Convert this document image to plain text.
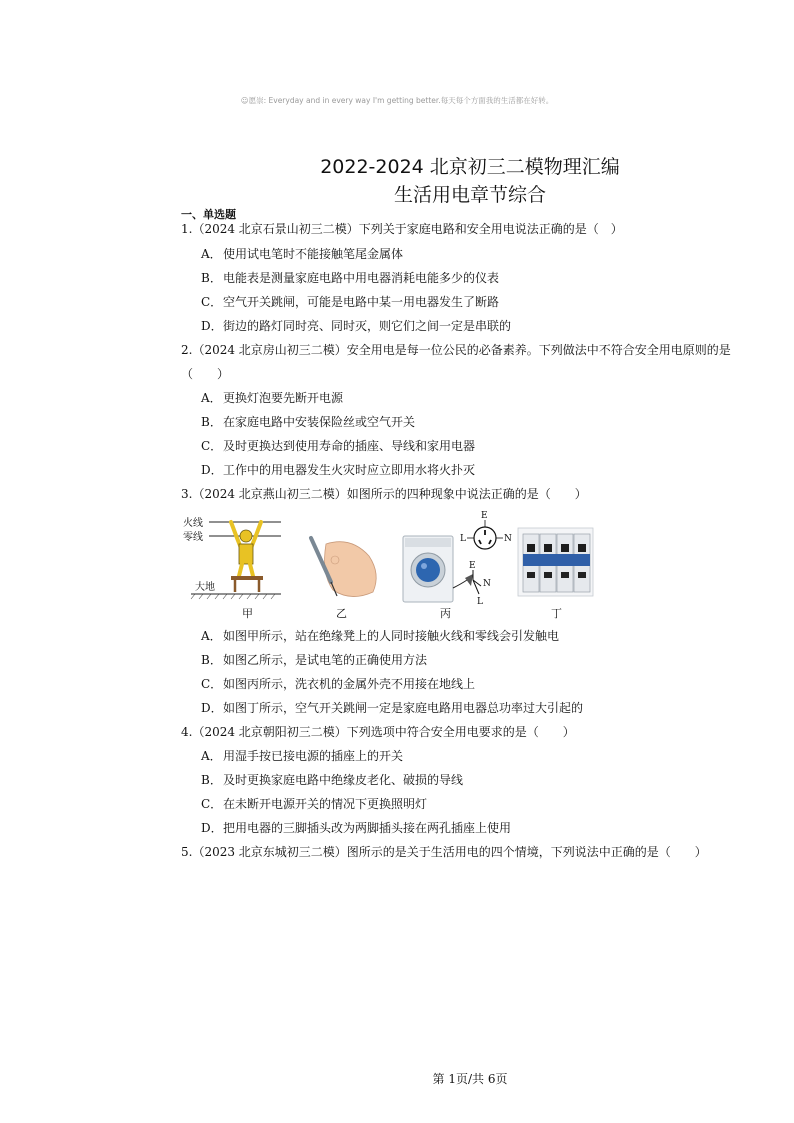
☺愿崇: Everyday and in every way I'm getting better.每天每个方面我的生活都在好转。
2022-2024 北京初三二模物理汇编
生活用电章节综合
一、单选题
1.（2024 北京石景山初三二模）下列关于家庭电路和安全用电说法正确的是（　）
A．使用试电笔时不能接触笔尾金属体
B．电能表是测量家庭电路中用电器消耗电能多少的仪表
C．空气开关跳闸，可能是电路中某一用电器发生了断路
D．街边的路灯同时亮、同时灭，则它们之间一定是串联的
2.（2024 北京房山初三二模）安全用电是每一位公民的必备素养。下列做法中不符合安全用电原则的是
（　　）
A．更换灯泡要先断开电源
B．在家庭电路中安装保险丝或空气开关
C．及时更换达到使用寿命的插座、导线和家用电器
D．工作中的用电器发生火灾时应立即用水将火扑灭
3.（2024 北京燕山初三二模）如图所示的四种现象中说法正确的是（　　）
火线
零线
大地
E
L	N
E
N
L
甲	乙	丙	丁
A．如图甲所示，站在绝缘凳上的人同时接触火线和零线会引发触电
B．如图乙所示，是试电笔的正确使用方法
C．如图丙所示，洗衣机的金属外壳不用接在地线上
D．如图丁所示，空气开关跳闸一定是家庭电路用电器总功率过大引起的
4.（2024 北京朝阳初三二模）下列选项中符合安全用电要求的是（　　）
A．用湿手按已接电源的插座上的开关
B．及时更换家庭电路中绝缘皮老化、破损的导线
C．在未断开电源开关的情况下更换照明灯
D．把用电器的三脚插头改为两脚插头接在两孔插座上使用
5.（2023 北京东城初三二模）图所示的是关于生活用电的四个情境，下列说法中正确的是（　　）
第 1页/共 6页
